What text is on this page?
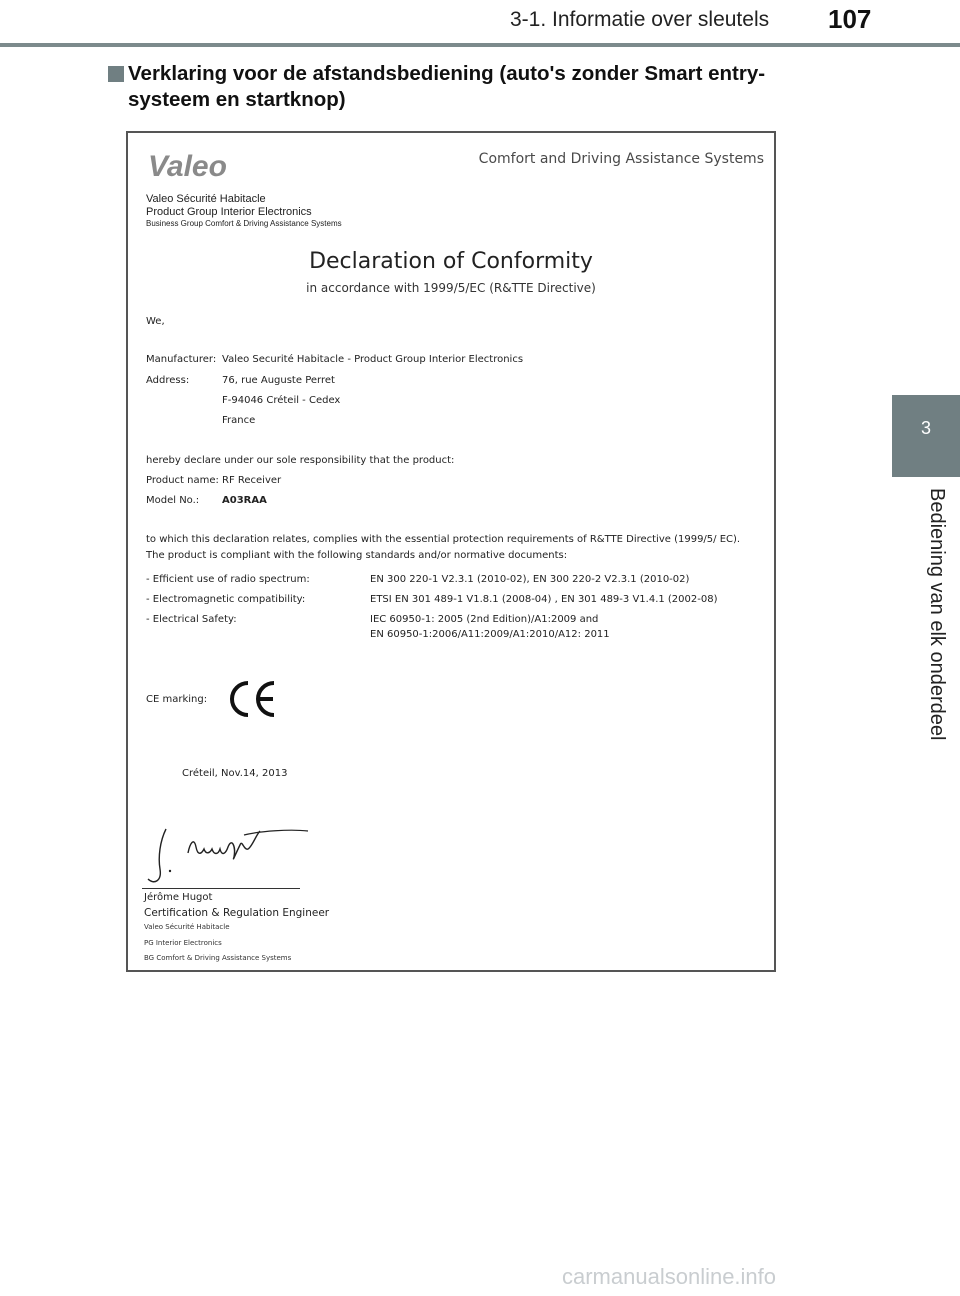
3-1. Informatie over sleutels 107
3
Bediening van elk onderdeel
Verklaring voor de afstandsbediening (auto's zonder Smart entry-systeem en startknop)
Valeo	Comfort and Driving Assistance Systems
Valeo Sécurité Habitacle
Product Group Interior Electronics
Business Group Comfort & Driving Assistance Systems
Declaration of Conformity
in accordance with 1999/5/EC (R&TTE Directive)
We,
Manufacturer: Valeo Securité Habitacle - Product Group Interior Electronics
Address:	76, rue Auguste Perret
F-94046 Créteil - Cedex
France
hereby declare under our sole responsibility that the product:
Product name: RF Receiver
Model No.: A03RAA
to which this declaration relates, complies with the essential protection requirements of R&TTE Directive (1999/5/ EC).
The product is compliant with the following standards and/or normative documents:
- Efficient use of radio spectrum:	EN 300 220-1 V2.3.1 (2010-02), EN 300 220-2 V2.3.1 (2010-02)
- Electromagnetic compatibility:	ETSI EN 301 489-1 V1.8.1 (2008-04) , EN 301 489-3 V1.4.1 (2002-08)
- Electrical Safety:	IEC 60950-1: 2005 (2nd Edition)/A1:2009 and
EN 60950-1:2006/A11:2009/A1:2010/A12: 2011
CE marking:
Créteil, Nov.14, 2013
Jérôme Hugot
Certification & Regulation Engineer
Valeo Sécurité Habitacle
PG Interior Electronics
BG Comfort & Driving Assistance Systems
carmanualsonline.info
